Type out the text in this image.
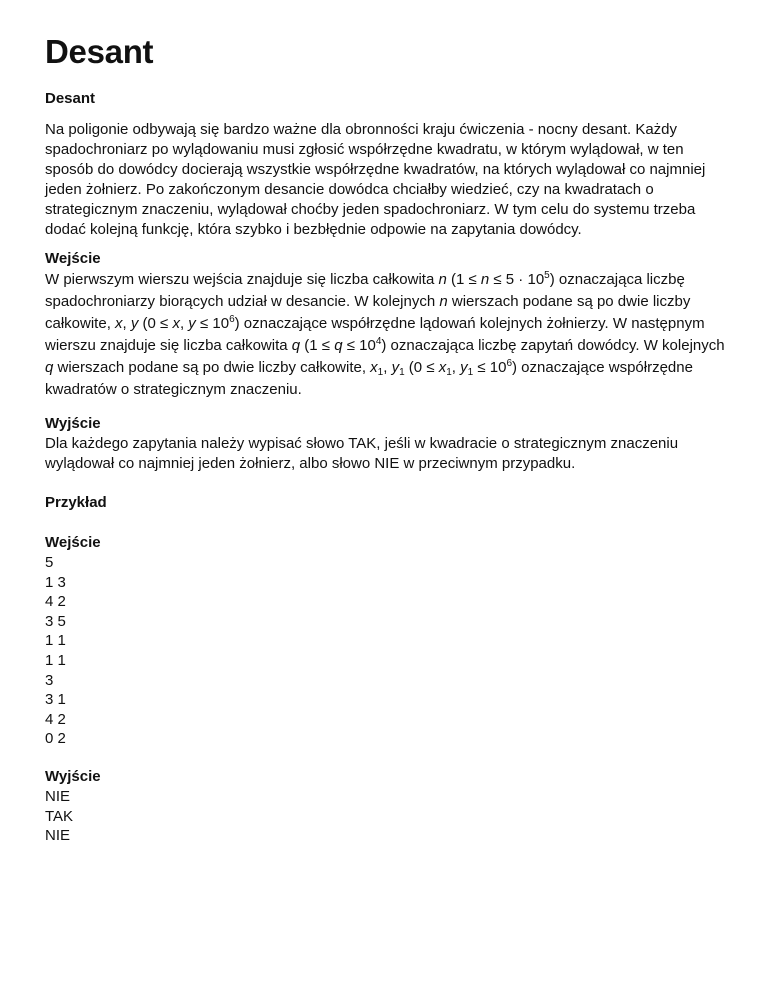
Desant
Desant
Na poligonie odbywają się bardzo ważne dla obronności kraju ćwiczenia - nocny desant. Każdy spadochroniarz po wylądowaniu musi zgłosić współrzędne kwadratu, w którym wylądował, w ten sposób do dowódcy docierają wszystkie współrzędne kwadratów, na których wylądował co najmniej jeden żołnierz. Po zakończonym desancie dowódca chciałby wiedzieć, czy na kwadratach o strategicznym znaczeniu, wylądował choćby jeden spadochroniarz. W tym celu do systemu trzeba dodać kolejną funkcję, która szybko i bezbłędnie odpowie na zapytania dowódcy.
Wejście
W pierwszym wierszu wejścia znajduje się liczba całkowita n $(1 \le n \le 5 \cdot 10^5)$ oznaczająca liczbę spadochroniarzy biorących udział w desancie. W kolejnych n wierszach podane są po dwie liczby całkowite, x, y (0 ≤ x, $y \le 10^6$) oznaczające współrzędne lądowań kolejnych żołnierzy. W następnym wierszu znajduje się liczba całkowita q $(1 \le q \le 10^4)$ oznaczająca liczbę zapytań dowódcy. W kolejnych q wierszach podane są po dwie liczby całkowite, $x_1$, $y_1$ ($0 \le x_1$, $y_1 \le 10^6$) oznaczające współrzędne kwadratów o strategicznym znaczeniu.
Wyjście
Dla każdego zapytania należy wypisać słowo TAK, jeśli w kwadracie o strategicznym znaczeniu wylądował co najmniej jeden żołnierz, albo słowo NIE w przeciwnym przypadku.
Przykład
Wejście
5
1 3
4 2
3 5
1 1
1 1
3
3 1
4 2
0 2
Wyjście
NIE
TAK
NIE
